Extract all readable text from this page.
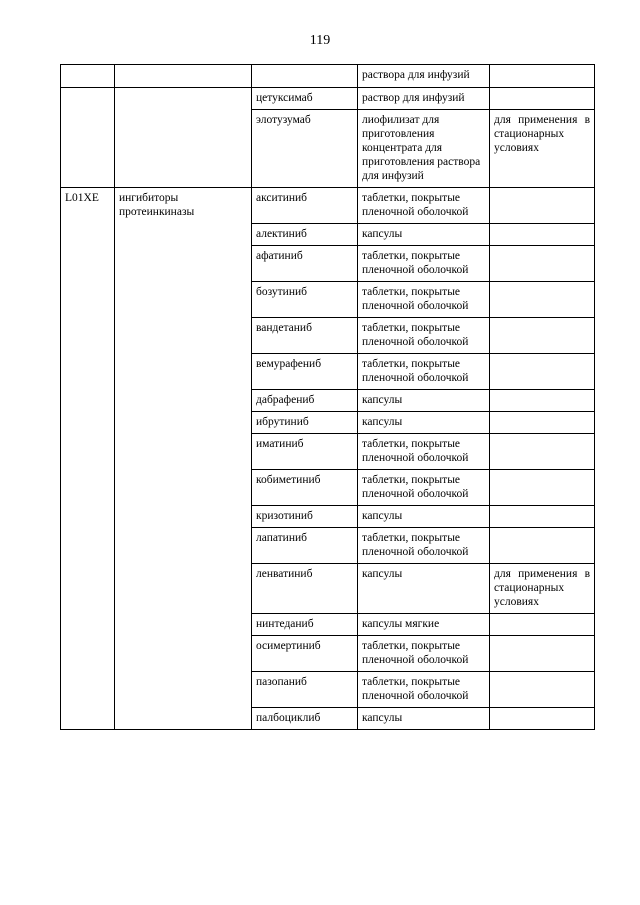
119
			раствора для инфузий	
		цетуксимаб	раствор для инфузий	
		элотузумаб	лиофилизат для приготовления концентрата для приготовления раствора для инфузий	для применения в стационарных условиях
L01XE	ингибиторы протеинкиназы	акситиниб	таблетки, покрытые пленочной оболочкой	
		алектиниб	капсулы	
		афатиниб	таблетки, покрытые пленочной оболочкой	
		бозутиниб	таблетки, покрытые пленочной оболочкой	
		вандетаниб	таблетки, покрытые пленочной оболочкой	
		вемурафениб	таблетки, покрытые пленочной оболочкой	
		дабрафениб	капсулы	
		ибрутиниб	капсулы	
		иматиниб	таблетки, покрытые пленочной оболочкой	
		кобиметиниб	таблетки, покрытые пленочной оболочкой	
		кризотиниб	капсулы	
		лапатиниб	таблетки, покрытые пленочной оболочкой	
		ленватиниб	капсулы	для применения в стационарных условиях
		нинтеданиб	капсулы мягкие	
		осимертиниб	таблетки, покрытые пленочной оболочкой	
		пазопаниб	таблетки, покрытые пленочной оболочкой	
		палбоциклиб	капсулы	
